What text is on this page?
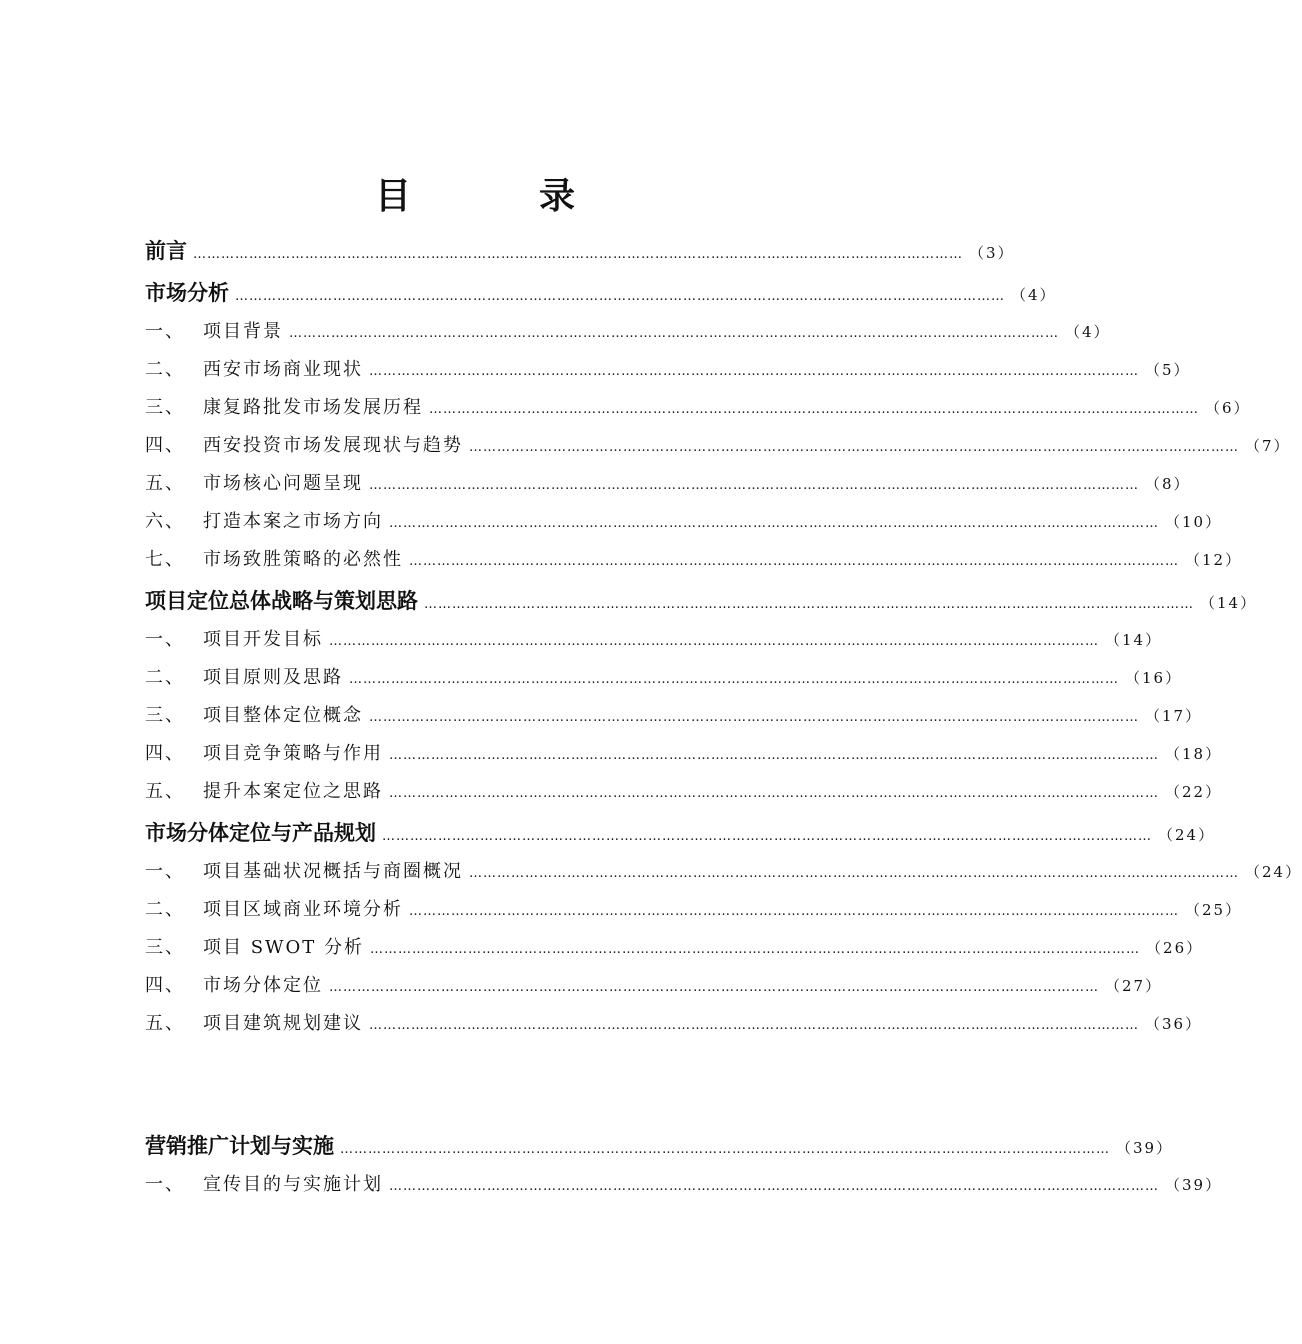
目　录
前言 ………………………………………………………………………………………………………………………………………………… （3）
市场分析 ………………………………………………………………………………………………………………………………………………… （4）
一、 项目背景 ………………………………………………………………………………………………………………………………………………… （4）
二、 西安市场商业现状 ………………………………………………………………………………………………………………………………………………… （5）
三、 康复路批发市场发展历程 ………………………………………………………………………………………………………………………………………………… （6）
四、 西安投资市场发展现状与趋势 ………………………………………………………………………………………………………………………………………………… （7）
五、 市场核心问题呈现 ………………………………………………………………………………………………………………………………………………… （8）
六、 打造本案之市场方向 ………………………………………………………………………………………………………………………………………………… （10）
七、 市场致胜策略的必然性 ………………………………………………………………………………………………………………………………………………… （12）
项目定位总体战略与策划思路 ………………………………………………………………………………………………………………………………………………… （14）
一、 项目开发目标 ………………………………………………………………………………………………………………………………………………… （14）
二、 项目原则及思路 ………………………………………………………………………………………………………………………………………………… （16）
三、 项目整体定位概念 ………………………………………………………………………………………………………………………………………………… （17）
四、 项目竞争策略与作用 ………………………………………………………………………………………………………………………………………………… （18）
五、 提升本案定位之思路 ………………………………………………………………………………………………………………………………………………… （22）
市场分体定位与产品规划 ………………………………………………………………………………………………………………………………………………… （24）
一、 项目基础状况概括与商圈概况 ………………………………………………………………………………………………………………………………………………… （24）
二、 项目区域商业环境分析 ………………………………………………………………………………………………………………………………………………… （25）
三、 项目 SWOT 分析 ………………………………………………………………………………………………………………………………………………… （26）
四、 市场分体定位 ………………………………………………………………………………………………………………………………………………… （27）
五、 项目建筑规划建议 ………………………………………………………………………………………………………………………………………………… （36）
营销推广计划与实施 ………………………………………………………………………………………………………………………………………………… （39）
一、 宣传目的与实施计划 ………………………………………………………………………………………………………………………………………………… （39）
